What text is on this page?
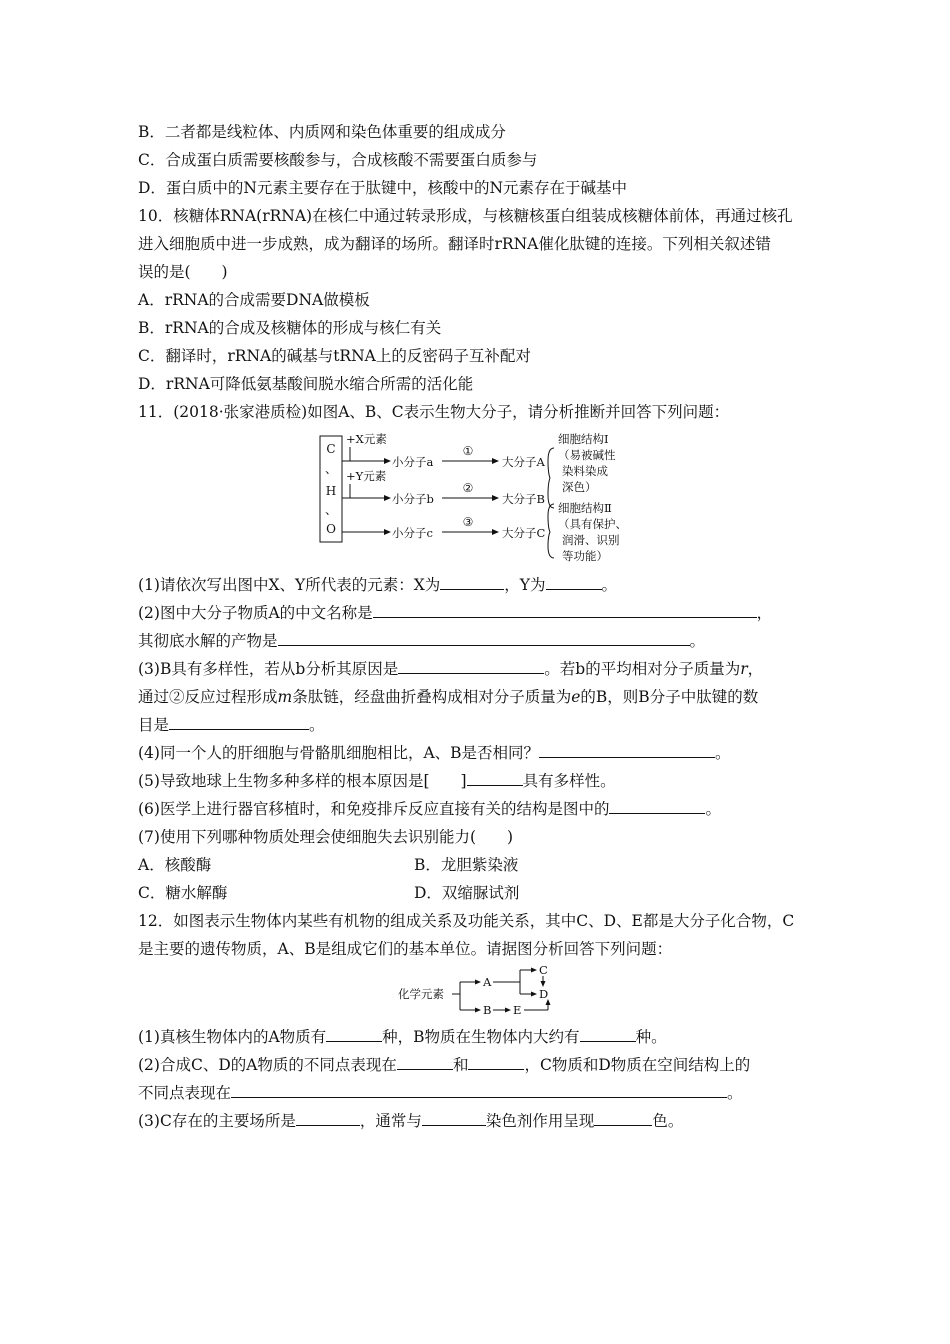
B．二者都是线粒体、内质网和染色体重要的组成成分
C．合成蛋白质需要核酸参与，合成核酸不需要蛋白质参与
D．蛋白质中的N元素主要存在于肽键中，核酸中的N元素存在于碱基中
10．核糖体RNA(rRNA)在核仁中通过转录形成，与核糖核蛋白组装成核糖体前体，再通过核孔
进入细胞质中进一步成熟，成为翻译的场所。翻译时rRNA催化肽键的连接。下列相关叙述错
误的是(　　)
A．rRNA的合成需要DNA做模板
B．rRNA的合成及核糖体的形成与核仁有关
C．翻译时，rRNA的碱基与tRNA上的反密码子互补配对
D．rRNA可降低氨基酸间脱水缩合所需的活化能
11．(2018·张家港质检)如图A、B、C表示生物大分子，请分析推断并回答下列问题：
C
、
H
、
O
+X元素
小分子a
①
大分子A
+Y元素
小分子b
②
大分子B
小分子c
③
大分子C
细胞结构Ⅰ
（易被碱性
染料染成
深色）
细胞结构Ⅱ
（具有保护、
润滑、识别
等功能）
(1)请依次写出图中X、Y所代表的元素：X为	，Y为	。
(2)图中大分子物质A的中文名称是	，
其彻底水解的产物是	。
(3)B具有多样性，若从b分析其原因是	。若b的平均相对分子质量为r，
通过②反应过程形成m条肽链，经盘曲折叠构成相对分子质量为e的B，则B分子中肽键的数
目是	。
(4)同一个人的肝细胞与骨骼肌细胞相比，A、B是否相同？	。
(5)导致地球上生物多种多样的根本原因是[　　]	具有多样性。
(6)医学上进行器官移植时，和免疫排斥反应直接有关的结构是图中的	。
(7)使用下列哪种物质处理会使细胞失去识别能力(　　)
A．核酸酶	B．龙胆紫染液
C．糖水解酶	D．双缩脲试剂
12．如图表示生物体内某些有机物的组成关系及功能关系，其中C、D、E都是大分子化合物，C
是主要的遗传物质，A、B是组成它们的基本单位。请据图分析回答下列问题：
化学元素
A
B
C
D
E
(1)真核生物体内的A物质有	种，B物质在生物体内大约有	种。
(2)合成C、D的A物质的不同点表现在	和	，C物质和D物质在空间结构上的
不同点表现在	。
(3)C存在的主要场所是	，通常与	染色剂作用呈现	色。
